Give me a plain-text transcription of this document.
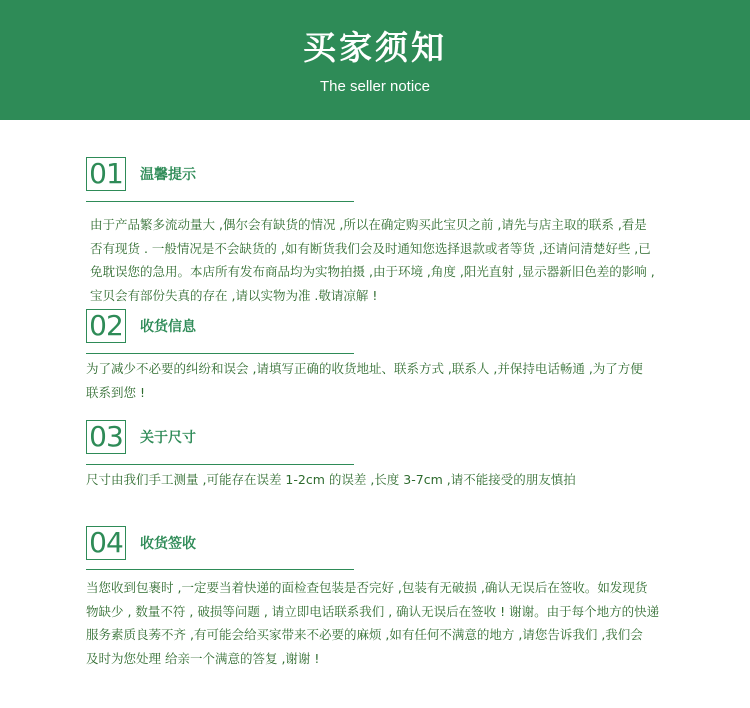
买家须知
The seller notice
01 温馨提示
由于产品繁多流动量大 ,偶尔会有缺货的情况 ,所以在确定购买此宝贝之前 ,请先与店主取的联系 ,看是
否有现货 . 一般情况是不会缺货的 ,如有断货我们会及时通知您选择退款或者等货 ,还请问清楚好些 ,已
免耽误您的急用。本店所有发布商品均为实物拍摄 ,由于环境 ,角度 ,阳光直射 ,显示器新旧色差的影响 ,
宝贝会有部份失真的存在 ,请以实物为准 .敬请凉解 !
02 收货信息
为了减少不必要的纠纷和误会 ,请填写正确的收货地址、联系方式 ,联系人 ,并保持电话畅通 ,为了方便
联系到您 !
03 关于尺寸
尺寸由我们手工测量 ,可能存在误差 1-2cm 的误差 ,长度 3-7cm ,请不能接受的朋友慎拍
04 收货签收
当您收到包裹时 ,一定要当着快递的面检查包装是否完好 ,包装有无破损 ,确认无误后在签收。如发现货
物缺少 , 数量不符 , 破损等问题 , 请立即电话联系我们 , 确认无误后在签收 ! 谢谢。由于每个地方的快递
服务素质良莠不齐 ,有可能会给买家带来不必要的麻烦 ,如有任何不满意的地方 ,请您告诉我们 ,我们会
及时为您处理 给亲一个满意的答复 ,谢谢 !
